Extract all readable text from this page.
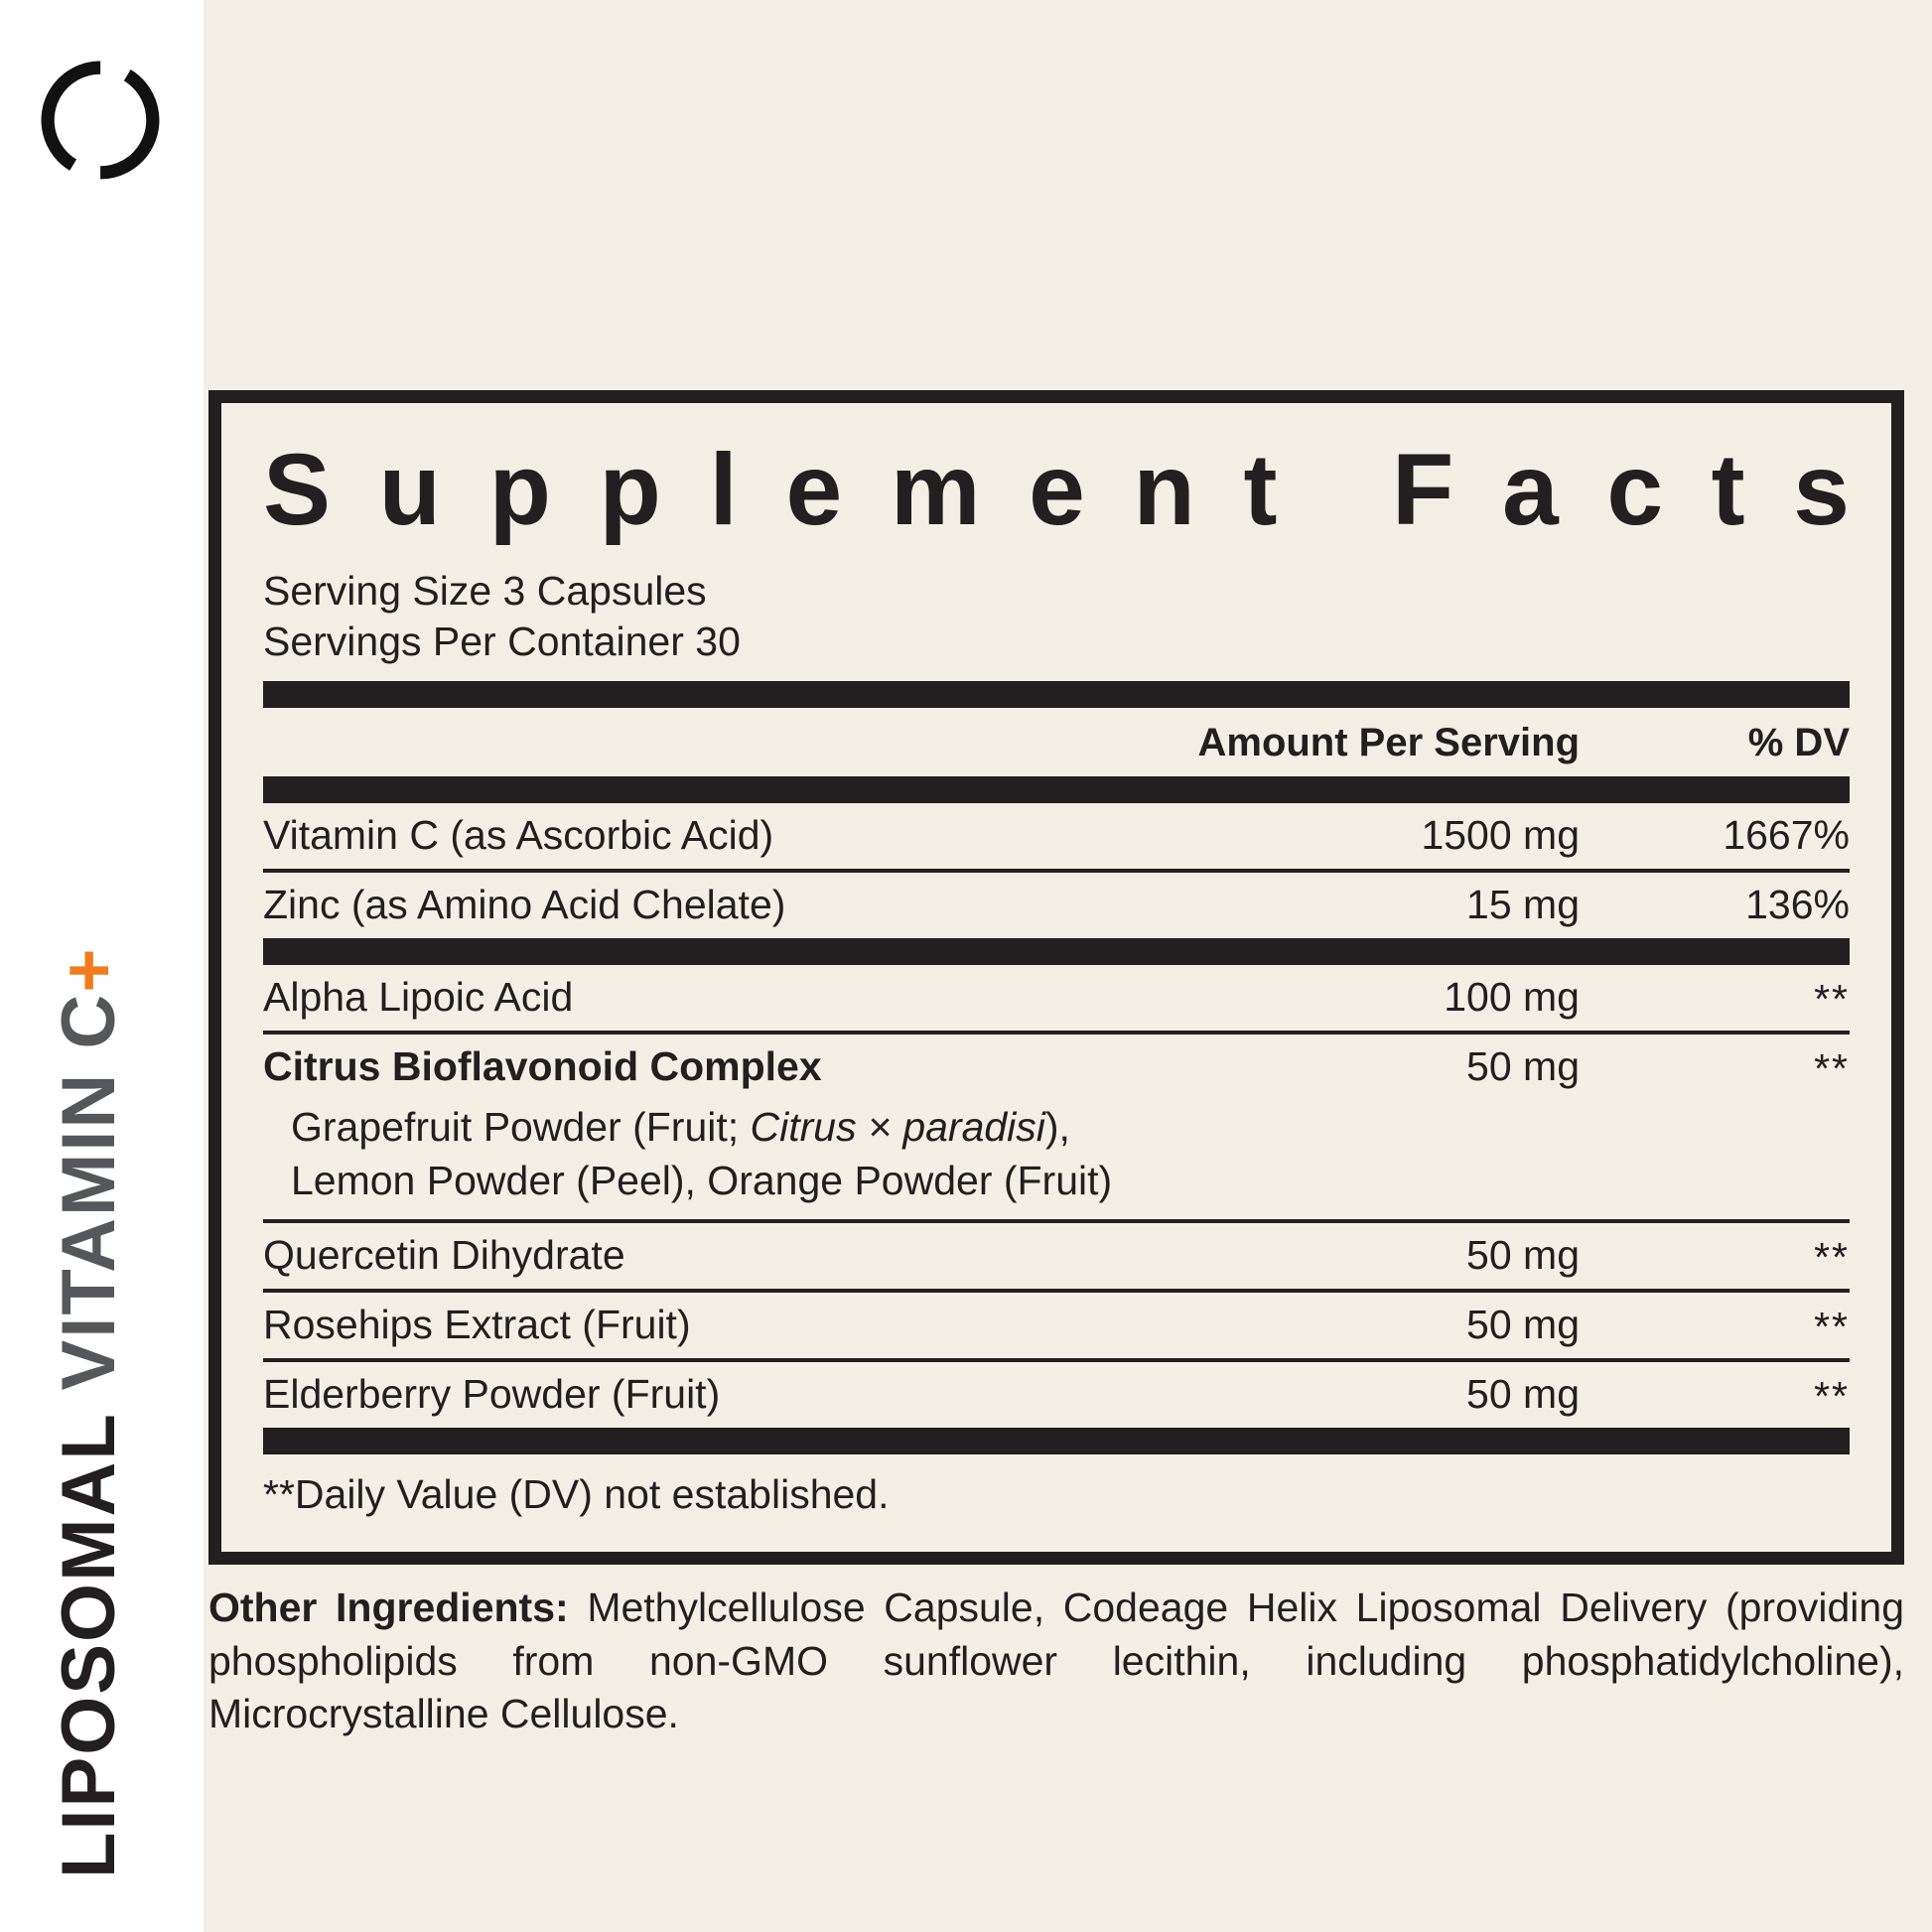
LIPOSOMAL VITAMIN C+
S u p p l e m e n t
F a c t s
Serving Size 3 Capsules
Servings Per Container 30
Amount Per Serving	% DV
Vitamin C (as Ascorbic Acid)	1500 mg	1667%
Zinc (as Amino Acid Chelate)	15 mg	136%
Alpha Lipoic Acid	100 mg	**
Citrus Bioflavonoid Complex	50 mg	**
Grapefruit Powder (Fruit; Citrus × paradisi),
Lemon Powder (Peel), Orange Powder (Fruit)
Quercetin Dihydrate	50 mg	**
Rosehips Extract (Fruit)	50 mg	**
Elderberry Powder (Fruit)	50 mg	**
**Daily Value (DV) not established.
Other Ingredients: Methylcellulose Capsule, Codeage Helix Liposomal Delivery (providing phospholipids from non-GMO sunflower lecithin, including phosphatidylcholine), Microcrystalline Cellulose.
